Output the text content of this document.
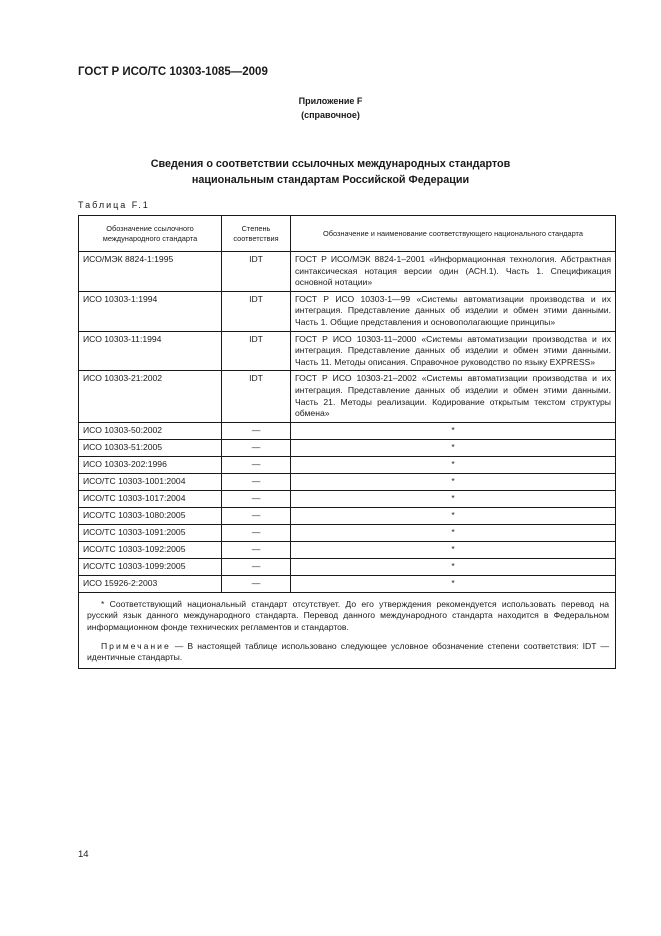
ГОСТ Р ИСО/ТС 10303-1085—2009
Приложение F
(справочное)
Сведения о соответствии ссылочных международных стандартов
национальным стандартам Российской Федерации
Таблица F.1
Обозначение ссылочного международного стандарта	Степень соответствия	Обозначение и наименование соответствующего национального стандарта
ИСО/МЭК 8824-1:1995	IDT	ГОСТ Р ИСО/МЭК 8824-1–2001 «Информационная технология. Абстрактная синтаксическая нотация версии один (АСН.1). Часть 1. Спецификация основной нотации»
ИСО 10303-1:1994	IDT	ГОСТ Р ИСО 10303-1—99 «Системы автоматизации производства и их интеграция. Представление данных об изделии и обмен этими данными. Часть 1. Общие представления и основополагающие принципы»
ИСО 10303-11:1994	IDT	ГОСТ Р ИСО 10303-11–2000 «Системы автоматизации производства и их интеграция. Представление данных об изделии и обмен этими данными. Часть 11. Методы описания. Справочное руководство по языку EXPRESS»
ИСО 10303-21:2002	IDT	ГОСТ Р ИСО 10303-21–2002 «Системы автоматизации производства и их интеграция. Представление данных об изделии и обмен этими данными. Часть 21. Методы реализации. Кодирование открытым текстом структуры обмена»
ИСО 10303-50:2002	—	*
ИСО 10303-51:2005	—	*
ИСО 10303-202:1996	—	*
ИСО/ТС 10303-1001:2004	—	*
ИСО/ТС 10303-1017:2004	—	*
ИСО/ТС 10303-1080:2005	—	*
ИСО/ТС 10303-1091:2005	—	*
ИСО/ТС 10303-1092:2005	—	*
ИСО/ТС 10303-1099:2005	—	*
ИСО 15926-2:2003	—	*

* Соответствующий национальный стандарт отсутствует. До его утверждения рекомендуется использовать перевод на русский язык данного международного стандарта. Перевод данного международного стандарта находится в Федеральном информационном фонде технических регламентов и стандартов.

Примечание — В настоящей таблице использовано следующее условное обозначение степени соответствия: IDT — идентичные стандарты.		

14
